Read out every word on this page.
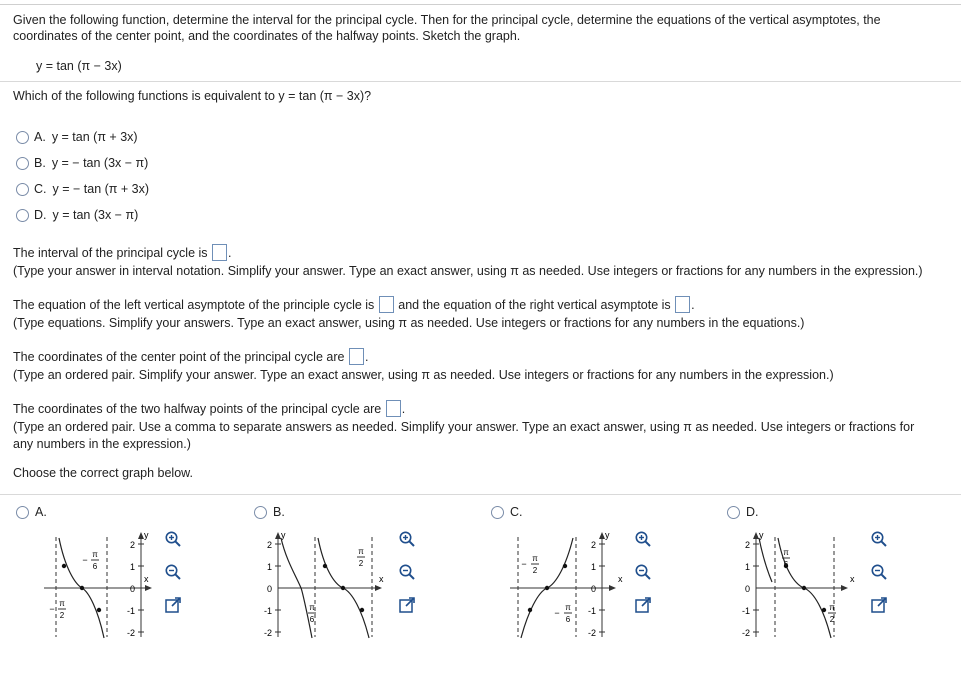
Given the following function, determine the interval for the principal cycle. Then for the principal cycle, determine the equations of the vertical asymptotes, the
coordinates of the center point, and the coordinates of the halfway points. Sketch the graph.
y = tan (π − 3x)
Which of the following functions is equivalent to y = tan (π − 3x)?
A. y = tan (π + 3x)
B. y = − tan (3x − π)
C. y = − tan (π + 3x)
D. y = tan (3x − π)
The interval of the principal cycle is .
(Type your answer in interval notation. Simplify your answer. Type an exact answer, using π as needed. Use integers or fractions for any numbers in the expression.)
The equation of the left vertical asymptote of the principle cycle is and the equation of the right vertical asymptote is .
(Type equations. Simplify your answers. Type an exact answer, using π as needed. Use integers or fractions for any numbers in the equations.)
The coordinates of the center point of the principal cycle are .
(Type an ordered pair. Simplify your answer. Type an exact answer, using π as needed. Use integers or fractions for any numbers in the expression.)
The coordinates of the two halfway points of the principal cycle are .
(Type an ordered pair. Use a comma to separate answers as needed. Simplify your answer. Type an exact answer, using π as needed. Use integers or fractions for
any numbers in the expression.)
Choose the correct graph below.
A.	B.	C.	D.
2
1
0
-1
-2
y
x
π
6
−
π
2
−
2
1
0
-1
-2
y
x
π
2
π
6
2
1
0
-1
-2
y
x
π
2
−
π
6
−
2
1
0
-1
-2
y
x
π
6
π
2
